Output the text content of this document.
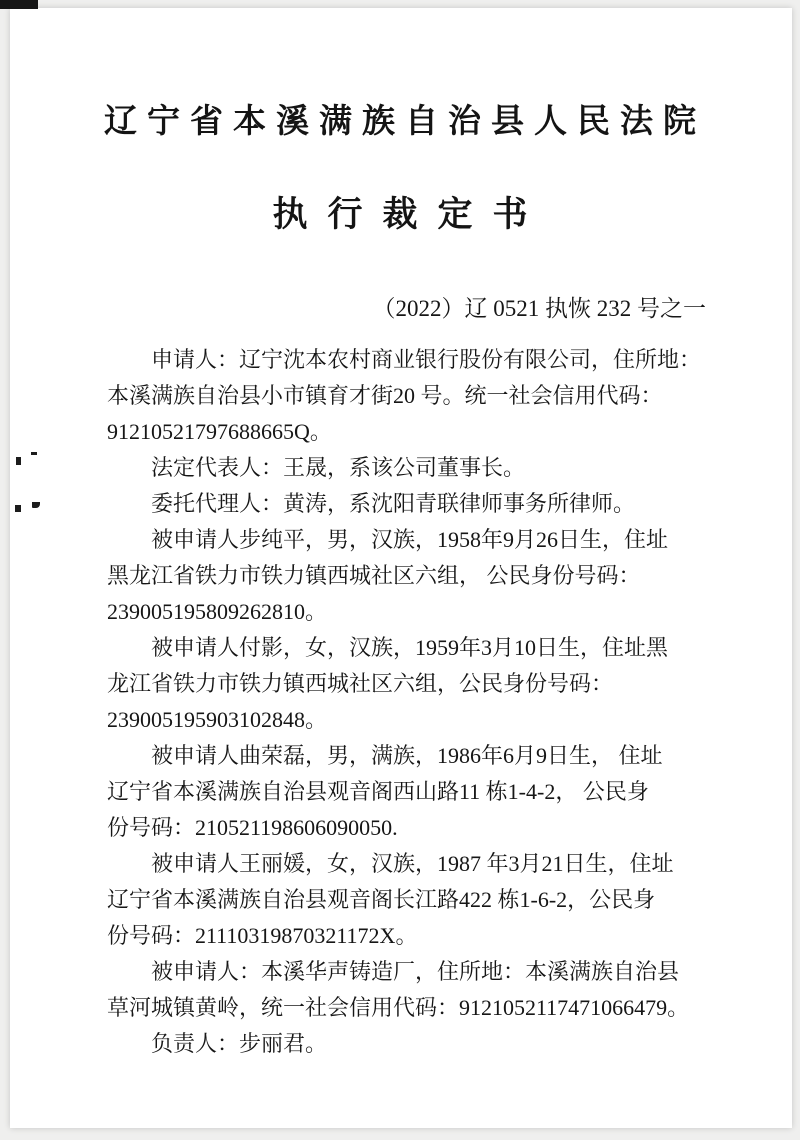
辽宁省本溪满族自治县人民法院
执行裁定书
（2022）辽 0521 执恢 232 号之一
申请人：辽宁沈本农村商业银行股份有限公司，住所地：
本溪满族自治县小市镇育才街20 号。统一社会信用代码：
91210521797688665Q。
法定代表人：王晟，系该公司董事长。
委托代理人：黄涛，系沈阳青联律师事务所律师。
被申请人步纯平，男，汉族，1958年9月26日生，住址
黑龙江省铁力市铁力镇西城社区六组， 公民身份号码：
239005195809262810。
被申请人付影，女，汉族，1959年3月10日生，住址黑
龙江省铁力市铁力镇西城社区六组，公民身份号码：
239005195903102848。
被申请人曲荣磊，男，满族，1986年6月9日生， 住址
辽宁省本溪满族自治县观音阁西山路11 栋1-4-2， 公民身
份号码：210521198606090050.
被申请人王丽媛，女，汉族，1987 年3月21日生，住址
辽宁省本溪满族自治县观音阁长江路422 栋1-6-2，公民身
份号码：21110319870321172X。
被申请人：本溪华声铸造厂，住所地：本溪满族自治县
草河城镇黄岭，统一社会信用代码：9121052117471066479。
负责人：步丽君。
